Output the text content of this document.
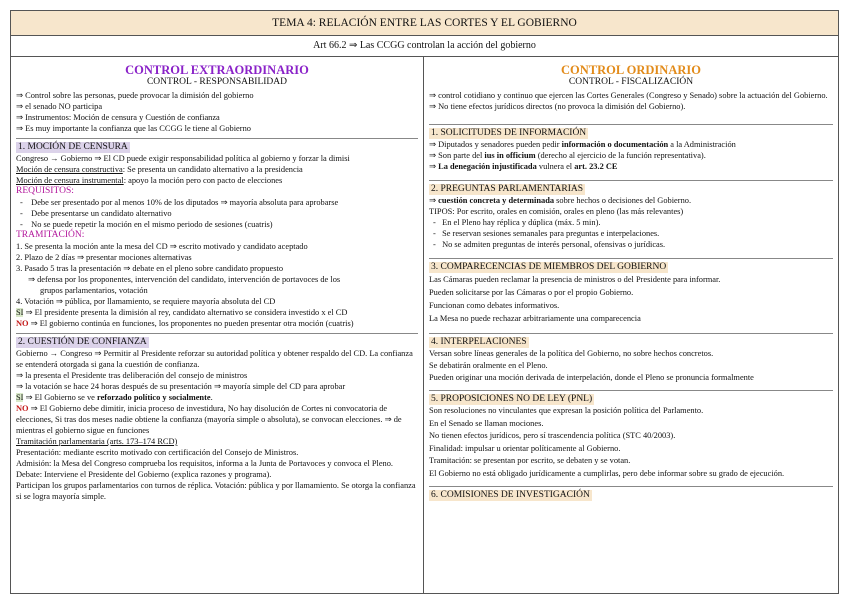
TEMA 4: RELACIÓN ENTRE LAS CORTES Y EL GOBIERNO
Art 66.2 ⇒ Las CCGG controlan la acción del gobierno
CONTROL EXTRAORDINARIO
CONTROL - RESPONSABILIDAD
⇒ Control sobre las personas, puede provocar la dimisión del gobierno
⇒ el senado NO participa
⇒ Instrumentos: Moción de censura y Cuestión de confianza
⇒ Es muy importante la confianza que las CCGG le tiene al Gobierno
1. MOCIÓN DE CENSURA
Congreso → Gobierno ⇒ El CD puede exigir responsabilidad política al gobierno y forzar la dimisi
Moción de censura constructiva: Se presenta un candidato alternativo a la presidencia
Moción de censura instrumental: apoyo la moción pero con pacto de elecciones
REQUISITOS:
-    Debe ser presentado por al menos 10% de los diputados ⇒ mayoría absoluta para aprobarse
-    Debe presentarse un candidato alternativo
-    No se puede repetir la moción en el mismo periodo de sesiones (cuatris)
TRAMITACIÓN:
1. Se presenta la moción ante la mesa del CD ⇒ escrito motivado y candidato aceptado
2. Plazo de 2 días ⇒ presentar mociones alternativas
3. Pasado 5 tras la presentación ⇒ debate en el pleno sobre candidato propuesto
⇒ defensa por los proponentes, intervención del candidato, intervención de portavoces de los
grupos parlamentarios, votación
4. Votación ⇒ pública, por llamamiento, se requiere mayoría absoluta del CD
SI ⇒ El presidente presenta la dimisión al rey, candidato alternativo se considera investido x el CD
NO ⇒ El gobierno continúa en funciones, los proponentes no pueden presentar otra moción (cuatris)
2. CUESTIÓN DE CONFIANZA
Gobierno → Congreso ⇒ Permitir al Presidente reforzar su autoridad política y obtener respaldo del CD. La confianza se entenderá otorgada si gana la cuestión de confianza.
⇒ la presenta el Presidente tras deliberación del consejo de ministros
⇒ la votación se hace 24 horas después de su presentación ⇒ mayoría simple del CD para aprobar
SI ⇒ El Gobierno se ve reforzado político y socialmente.
NO ⇒ El Gobierno debe dimitir, inicia proceso de investidura, No hay disolución de Cortes ni convocatoria de elecciones, Si tras dos meses nadie obtiene la confianza (mayoría simple o absoluta), se convocan elecciones. ⇒ de mientras el gobierno sigue en funciones
Tramitación parlamentaria (arts. 173–174 RCD)
Presentación: mediante escrito motivado con certificación del Consejo de Ministros.
Admisión: la Mesa del Congreso comprueba los requisitos, informa a la Junta de Portavoces y convoca el Pleno.
Debate: Interviene el Presidente del Gobierno (explica razones y programa).
Participan los grupos parlamentarios con turnos de réplica. Votación: pública y por llamamiento. Se otorga la confianza si se logra mayoría simple.
CONTROL ORDINARIO
CONTROL - FISCALIZACIÓN
⇒ control cotidiano y continuo que ejercen las Cortes Generales (Congreso y Senado) sobre la actuación del Gobierno.
⇒ No tiene efectos jurídicos directos (no provoca la dimisión del Gobierno).
1. SOLICITUDES DE INFORMACIÓN
⇒ Diputados y senadores pueden pedir información o documentación a la Administración
⇒ Son parte del ius in officium (derecho al ejercicio de la función representativa).
⇒ La denegación injustificada vulnera el art. 23.2 CE
2. PREGUNTAS PARLAMENTARIAS
⇒ cuestión concreta y determinada sobre hechos o decisiones del Gobierno.
TIPOS: Por escrito, orales en comisión, orales en pleno (las más relevantes)
-   En el Pleno hay réplica y dúplica (máx. 5 min).
-   Se reservan sesiones semanales para preguntas e interpelaciones.
-   No se admiten preguntas de interés personal, ofensivas o jurídicas.
3. COMPARECENCIAS DE MIEMBROS DEL GOBIERNO
Las Cámaras pueden reclamar la presencia de ministros o del Presidente para informar.
Pueden solicitarse por las Cámaras o por el propio Gobierno.
Funcionan como debates informativos.
La Mesa no puede rechazar arbitrariamente una comparecencia
4. INTERPELACIONES
Versan sobre líneas generales de la política del Gobierno, no sobre hechos concretos.
Se debatirán oralmente en el Pleno.
Pueden originar una moción derivada de interpelación, donde el Pleno se pronuncia formalmente
5. PROPOSICIONES NO DE LEY (PNL)
Son resoluciones no vinculantes que expresan la posición política del Parlamento.
En el Senado se llaman mociones.
No tienen efectos jurídicos, pero sí trascendencia política (STC 40/2003).
Finalidad: impulsar u orientar políticamente al Gobierno.
Tramitación: se presentan por escrito, se debaten y se votan.
El Gobierno no está obligado jurídicamente a cumplirlas, pero debe informar sobre su grado de ejecución.
6. COMISIONES DE INVESTIGACIÓN
